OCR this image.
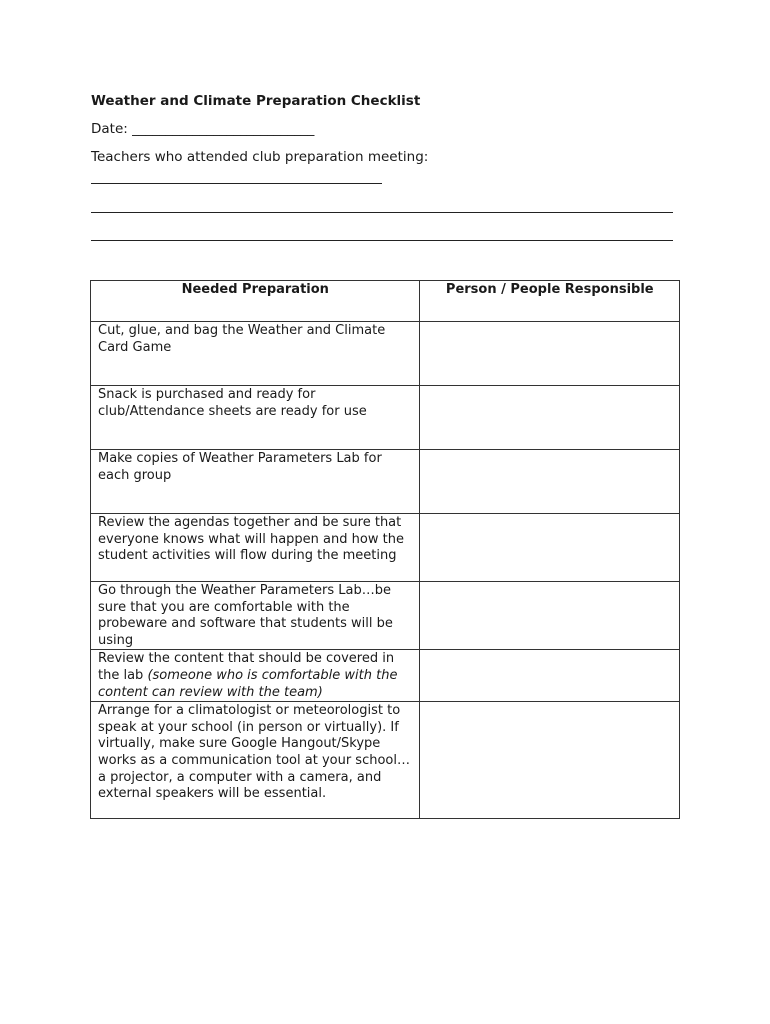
Weather and Climate Preparation Checklist
Date: ___________________________
Teachers who attended club preparation meeting:
Needed Preparation	Person / People Responsible
Cut, glue, and bag the Weather and Climate Card Game	
Snack is purchased and ready for club/Attendance sheets are ready for use	
Make copies of Weather Parameters Lab for each group	
Review the agendas together and be sure that everyone knows what will happen and how the student activities will flow during the meeting	
Go through the Weather Parameters Lab…be sure that you are comfortable with the probeware and software that students will be using	
Review the content that should be covered in the lab (someone who is comfortable with the content can review with the team)	
Arrange for a climatologist or meteorologist to speak at your school (in person or virtually). If virtually, make sure Google Hangout/Skype works as a communication tool at your school…a projector, a computer with a camera, and external speakers will be essential.	
